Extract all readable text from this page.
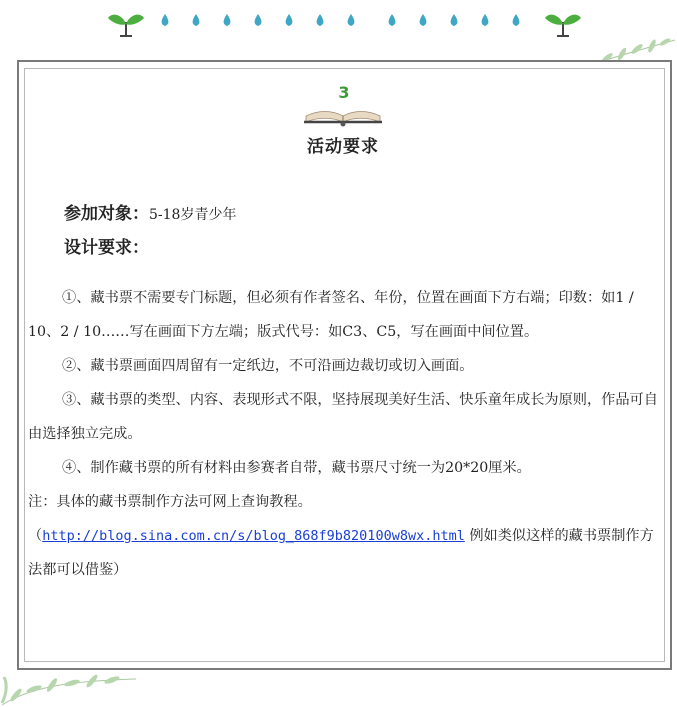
3
活动要求
参加对象：5-18岁青少年
设计要求：

①、藏书票不需要专门标题，但必须有作者签名、年份，位置在画面下方右端；印数：如1 / 10、2 / 10……写在画面下方左端；版式代号：如C3、C5，写在画面中间位置。

②、藏书票画面四周留有一定纸边，不可沿画边裁切或切入画面。

③、藏书票的类型、内容、表现形式不限，坚持展现美好生活、快乐童年成长为原则，作品可自由选择独立完成。

④、制作藏书票的所有材料由参赛者自带，藏书票尺寸统一为20*20厘米。

注：具体的藏书票制作方法可网上查询教程。

（http://blog.sina.com.cn/s/blog_868f9b820100w8wx.html 例如类似这样的藏书票制作方法都可以借鉴）
